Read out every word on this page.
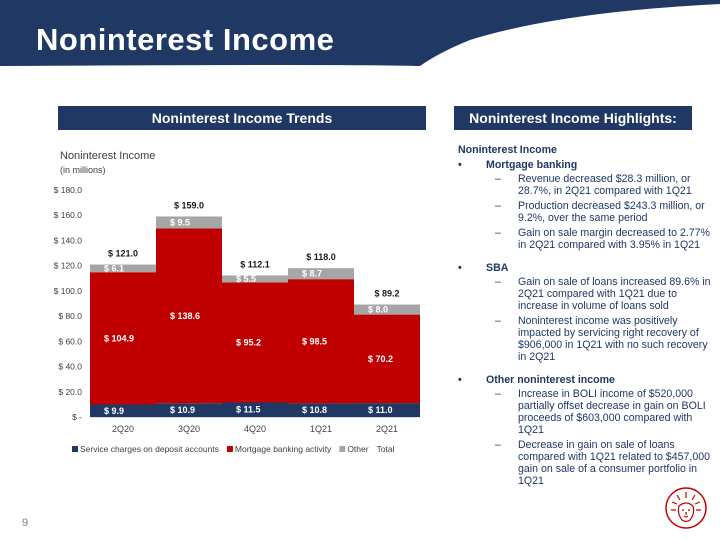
Noninterest Income
Noninterest Income Trends	Noninterest Income Highlights:
Noninterest Income
(in millions)
$ -
$ 20.0
$ 40.0
$ 60.0
$ 80.0
$ 100.0
$ 120.0
$ 140.0
$ 160.0
$ 180.0
$ 9.9
$ 104.9
$ 6.1
$ 121.0
2Q20
$ 10.9
$ 138.6
$ 9.5
$ 159.0
3Q20
$ 11.5
$ 95.2
$ 5.5
$ 112.1
4Q20
$ 10.8
$ 98.5
$ 8.7
$ 118.0
1Q21
$ 11.0
$ 70.2
$ 8.0
$ 89.2
2Q21
Service charges on deposit accounts Mortgage banking activity Other Total
Noninterest Income
• Mortgage banking
– Revenue decreased $28.3 million, or 28.7%, in 2Q21 compared with 1Q21
– Production decreased $243.3 million, or 9.2%, over the same period
– Gain on sale margin decreased to 2.77% in 2Q21 compared with 3.95% in 1Q21
• SBA
– Gain on sale of loans increased 89.6% in 2Q21 compared with 1Q21 due to increase in volume of loans sold
– Noninterest income was positively impacted by servicing right recovery of $906,000 in 1Q21 with no such recovery in 2Q21
• Other noninterest income
– Increase in BOLI income of $520,000 partially offset decrease in gain on BOLI proceeds of $603,000 compared with 1Q21
– Decrease in gain on sale of loans compared with 1Q21 related to $457,000 gain on sale of a consumer portfolio in 1Q21
9
